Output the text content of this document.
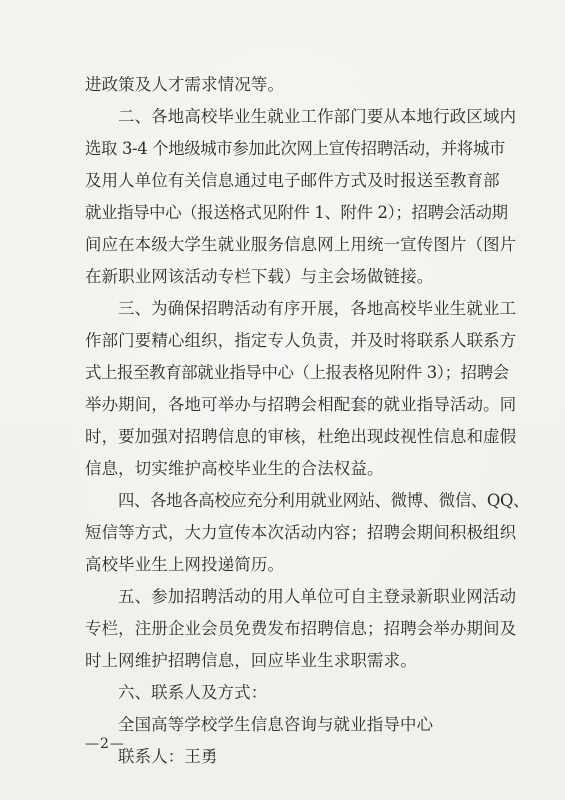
进政策及人才需求情况等。
二、各地高校毕业生就业工作部门要从本地行政区域内
选取 3-4 个地级城市参加此次网上宣传招聘活动，并将城市
及用人单位有关信息通过电子邮件方式及时报送至教育部
就业指导中心（报送格式见附件 1、附件 2）；招聘会活动期
间应在本级大学生就业服务信息网上用统一宣传图片（图片
在新职业网该活动专栏下载）与主会场做链接。
三、为确保招聘活动有序开展，各地高校毕业生就业工
作部门要精心组织，指定专人负责，并及时将联系人联系方
式上报至教育部就业指导中心（上报表格见附件 3）；招聘会
举办期间，各地可举办与招聘会相配套的就业指导活动。同
时，要加强对招聘信息的审核，杜绝出现歧视性信息和虚假
信息，切实维护高校毕业生的合法权益。
四、各地各高校应充分利用就业网站、微博、微信、QQ、
短信等方式，大力宣传本次活动内容；招聘会期间积极组织
高校毕业生上网投递简历。
五、参加招聘活动的用人单位可自主登录新职业网活动
专栏，注册企业会员免费发布招聘信息；招聘会举办期间及
时上网维护招聘信息，回应毕业生求职需求。
六、联系人及方式：
全国高等学校学生信息咨询与就业指导中心
联系人：王勇
—2—
